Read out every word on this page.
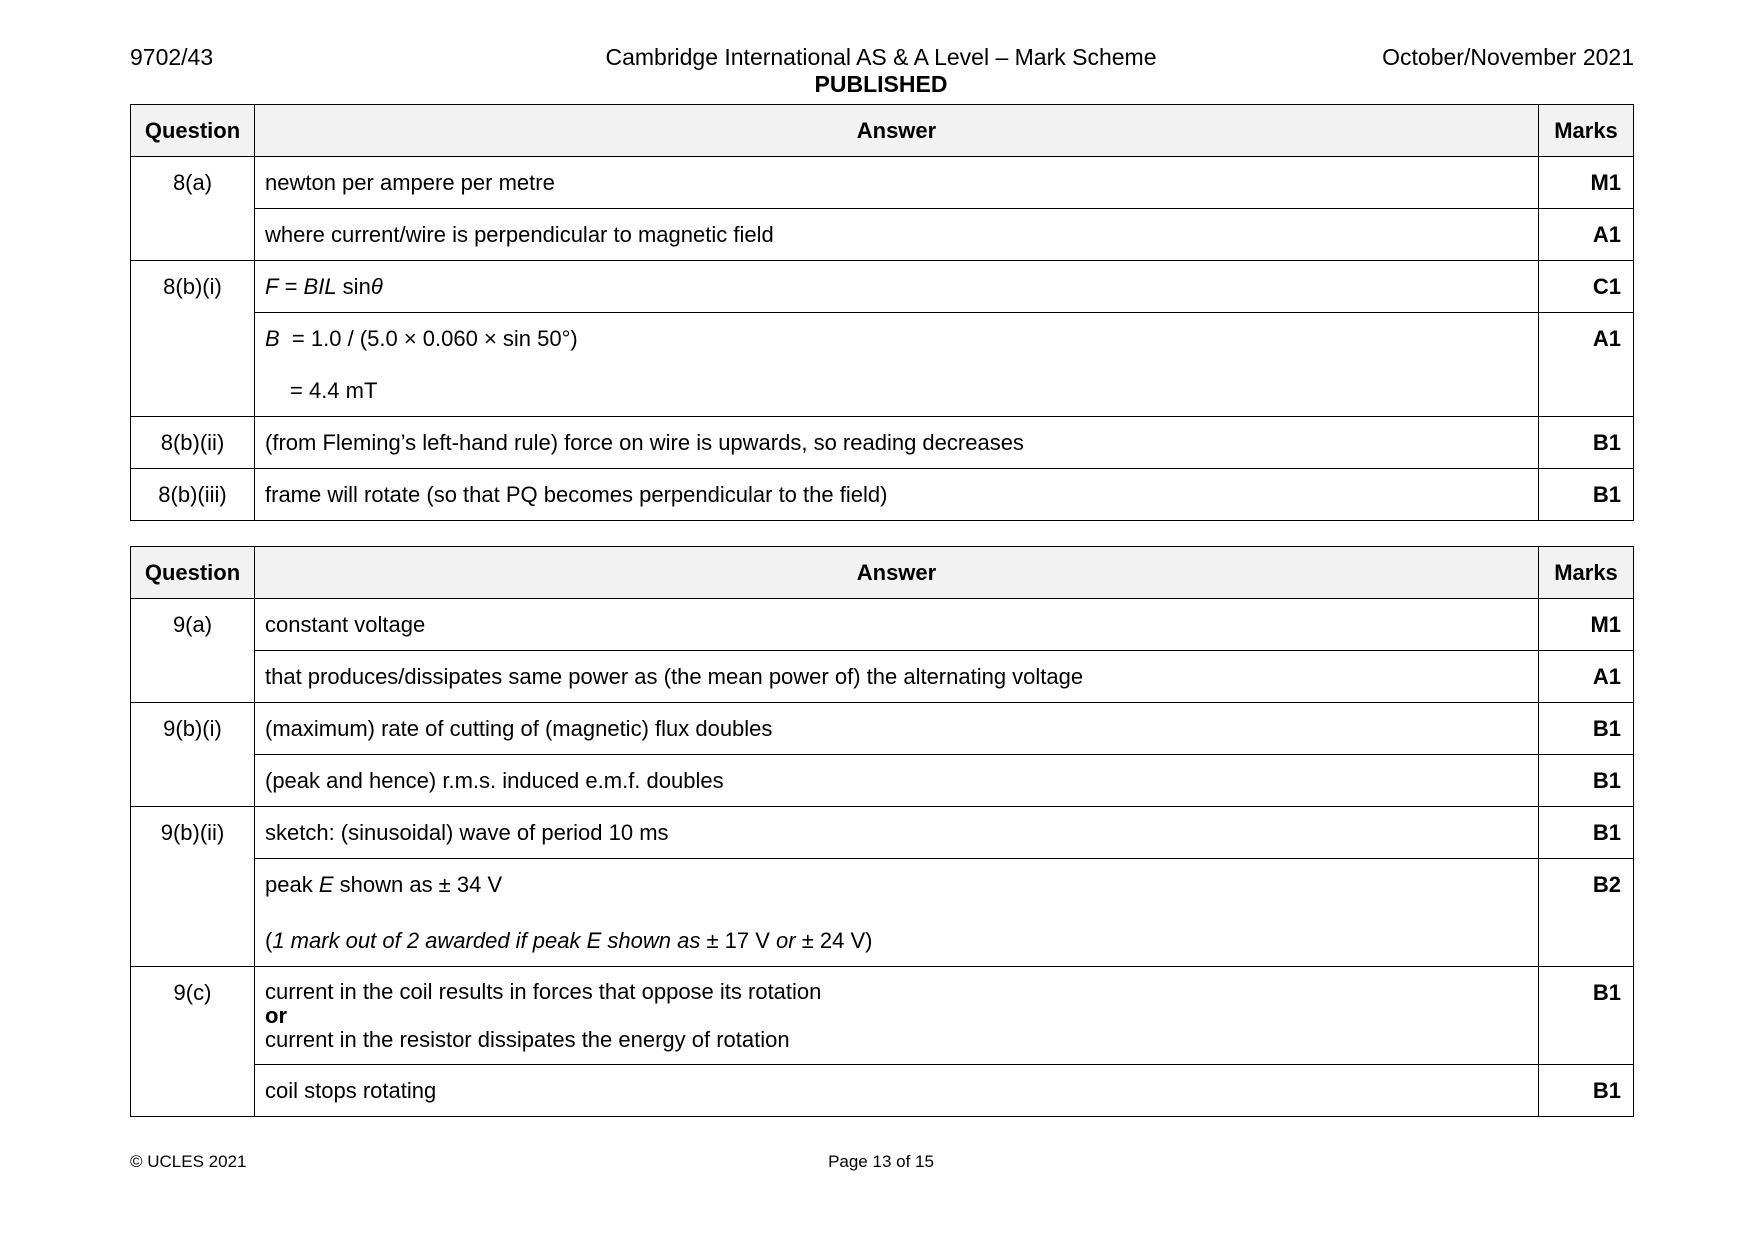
9702/43	Cambridge International AS & A Level – Mark Scheme
PUBLISHED
October/November 2021
Question	Answer	Marks
8(a)	newton per ampere per metre	M1
	where current/wire is perpendicular to magnetic field	A1
8(b)(i)	F = BIL sinθ	C1

	B  = 1.0 / (5.0 × 0.060 × sin 50°)
= 4.4 mT	A1
8(b)(ii)	(from Fleming’s left-hand rule) force on wire is upwards, so reading decreases	B1
8(b)(iii)	frame will rotate (so that PQ becomes perpendicular to the field)	B1
Question	Answer	Marks
9(a)	constant voltage	M1
	that produces/dissipates same power as (the mean power of) the alternating voltage	A1
9(b)(i)	(maximum) rate of cutting of (magnetic) flux doubles	B1
	(peak and hence) r.m.s. induced e.m.f. doubles	B1
9(b)(ii)	sketch: (sinusoidal) wave of period 10 ms	B1

	peak E shown as ± 34 V
(1 mark out of 2 awarded if peak E shown as ± 17 V or ± 24 V)	B2
9(c)	current in the coil results in forces that oppose its rotation
or
current in the resistor dissipates the energy of rotation	B1
	coil stops rotating	B1
© UCLES 2021	Page 13 of 15
